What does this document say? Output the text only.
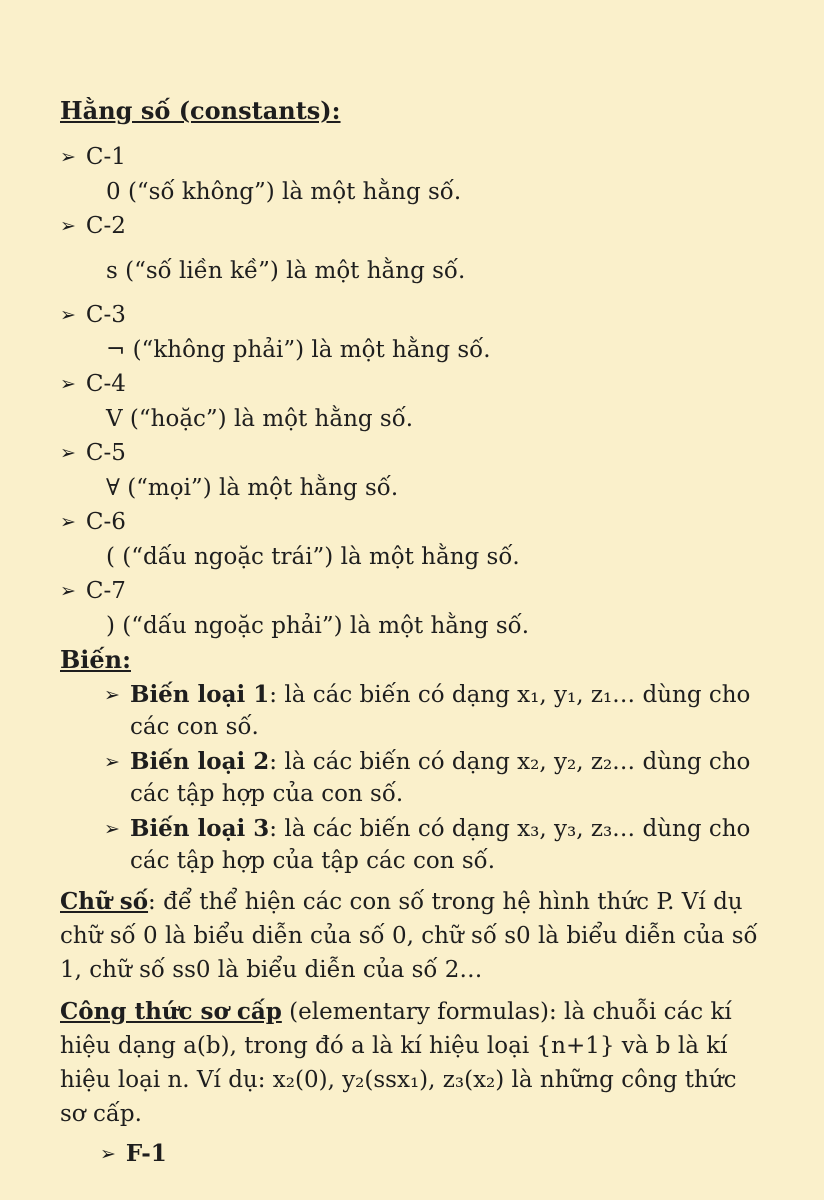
Hằng số (constants):
➢ C-1
0 (“số không”) là một hằng số.
➢ C-2
s (“số liền kề”) là một hằng số.
➢ C-3
¬ (“không phải”) là một hằng số.
➢ C-4
V (“hoặc”) là một hằng số.
➢ C-5
∀ (“mọi”) là một hằng số.
➢ C-6
( (“dấu ngoặc trái”) là một hằng số.
➢ C-7
) (“dấu ngoặc phải”) là một hằng số.
Biến:
➢ Biến loại 1: là các biến có dạng x₁, y₁, z₁… dùng cho các con số.
➢ Biến loại 2: là các biến có dạng x₂, y₂, z₂… dùng cho các tập hợp của con số.
➢ Biến loại 3: là các biến có dạng x₃, y₃, z₃… dùng cho các tập hợp của tập các con số.

Chữ số: để thể hiện các con số trong hệ hình thức P. Ví dụ chữ số 0 là biểu diễn của số 0, chữ số s0 là biểu diễn của số 1, chữ số ss0 là biểu diễn của số 2…

Công thức sơ cấp (elementary formulas): là chuỗi các kí hiệu dạng a(b), trong đó a là kí hiệu loại {n+1} và b là kí hiệu loại n. Ví dụ: x₂(0), y₂(ssx₁), z₃(x₂) là những công thức sơ cấp.

➢ F-1
